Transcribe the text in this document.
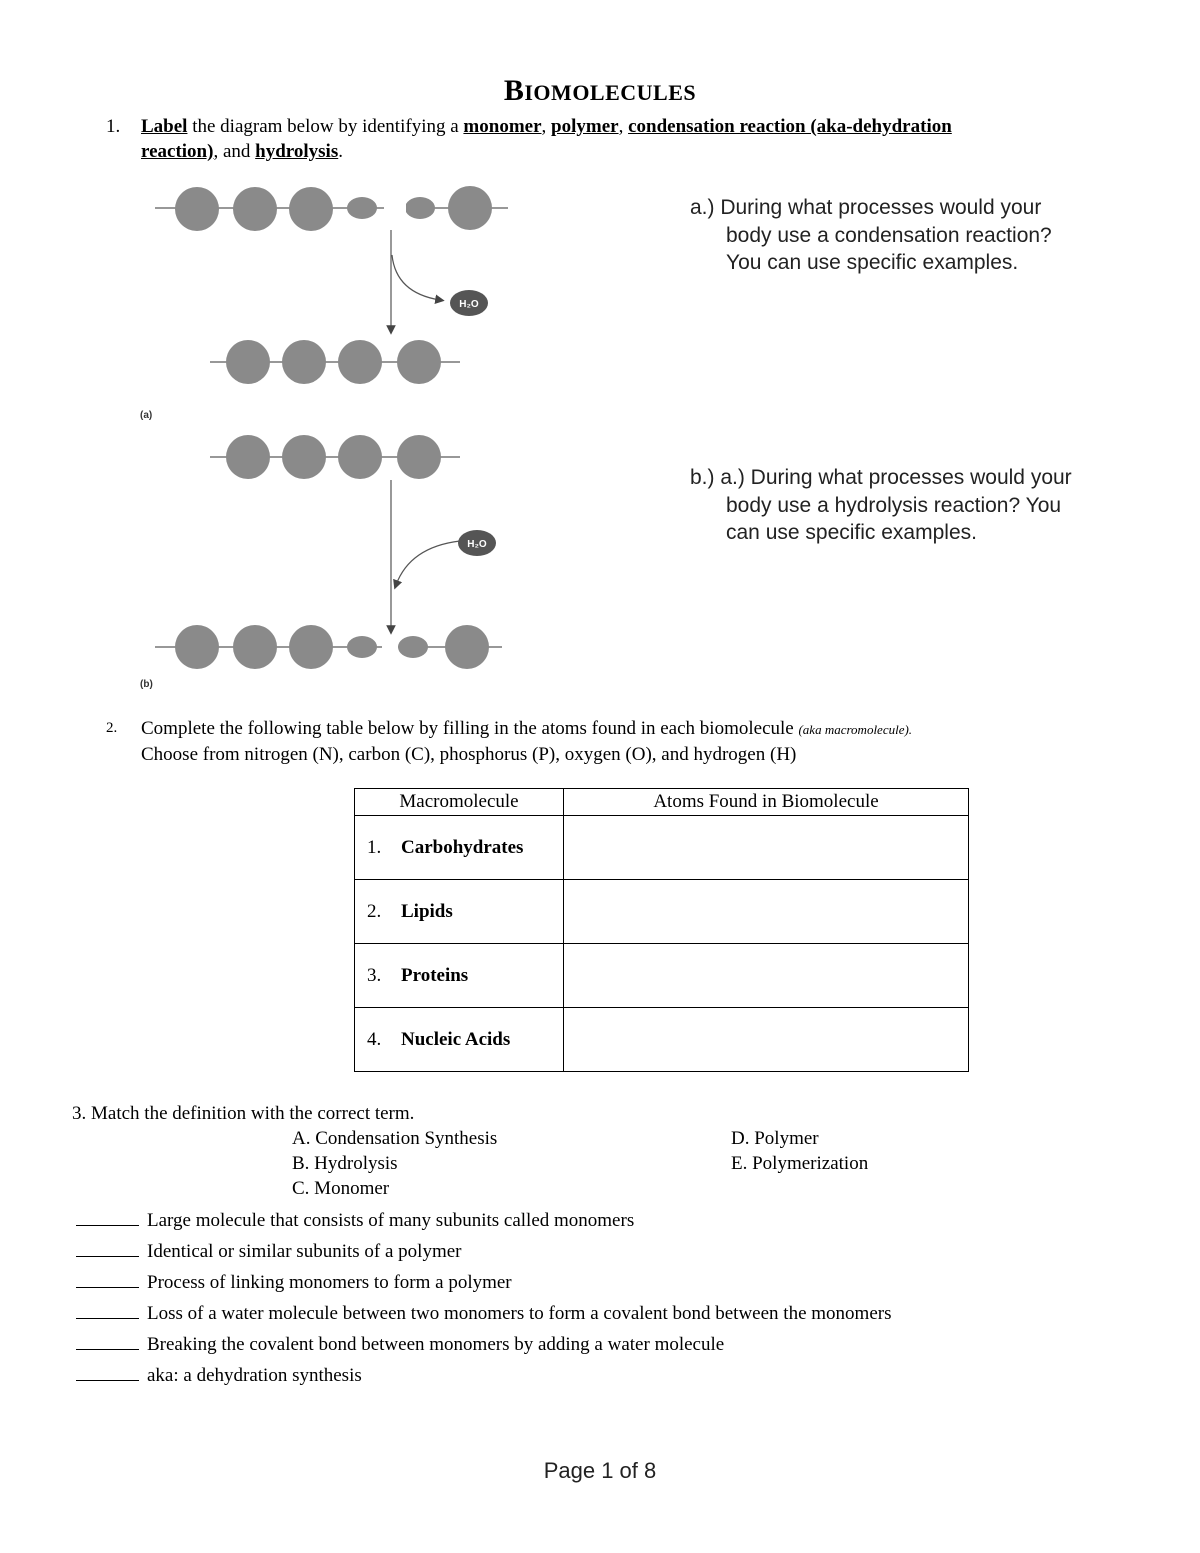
BIOMOLECULES
1. Label the diagram below by identifying a monomer, polymer, condensation reaction (aka-dehydration
reaction), and hydrolysis.
H₂O
(a)
H₂O
(b)
a.) During what processes would your
body use a condensation reaction?
You can use specific examples.
b.) a.) During what processes would your
body use a hydrolysis reaction? You
can use specific examples.
2. Complete the following table below by filling in the atoms found in each biomolecule (aka macromolecule).
Choose from nitrogen (N), carbon (C), phosphorus (P), oxygen (O), and hydrogen (H)
Macromolecule	Atoms Found in Biomolecule
1. Carbohydrates	
2. Lipids	
3. Proteins	
4. Nucleic Acids	
3. Match the definition with the correct term.
A. Condensation Synthesis
B. Hydrolysis
C. Monomer
D. Polymer
E. Polymerization
Large molecule that consists of many subunits called monomers
Identical or similar subunits of a polymer
Process of linking monomers to form a polymer
Loss of a water molecule between two monomers to form a covalent bond between the monomers
Breaking the covalent bond between monomers by adding a water molecule
aka: a dehydration synthesis
Page 1 of 8
